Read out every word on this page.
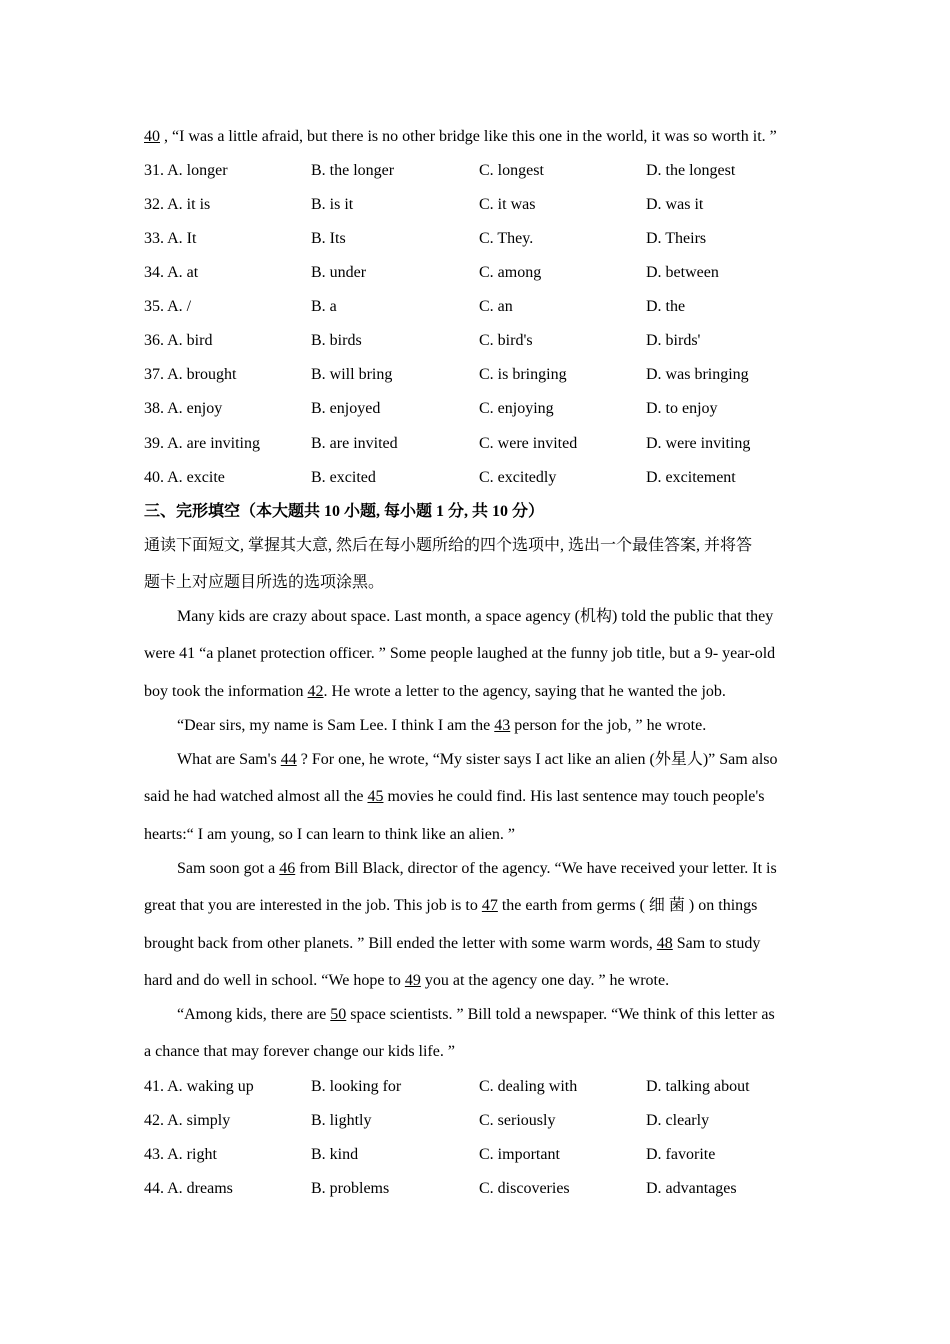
40 , “I was a little afraid, but there is no other bridge like this one in the world, it was so worth it. ”
31. A. longer	B. the longer	C. longest	D. the longest
32. A. it is	B. is it	C. it was	D. was it
33. A. It	B. Its	C. They.	D. Theirs
34. A. at	B. under	C. among	D. between
35. A. /	B. a	C. an	D. the
36. A. bird	B. birds	C. bird's	D. birds'
37. A. brought	B. will bring	C. is bringing	D. was bringing
38. A. enjoy	B. enjoyed	C. enjoying	D. to enjoy
39. A. are inviting	B. are invited	C. were invited	D. were inviting
40. A. excite	B. excited	C. excitedly	D. excitement
三、完形填空（本大题共 10 小题, 每小题 1 分, 共 10 分）
通读下面短文, 掌握其大意, 然后在每小题所给的四个选项中, 选出一个最佳答案, 并将答
题卡上对应题目所选的选项涂黑。
Many kids are crazy about space. Last month, a space agency (机构) told the public that they
were 41 “a planet protection officer. ” Some people laughed at the funny job title, but a 9- year-old
boy took the information 42. He wrote a letter to the agency, saying that he wanted the job.
“Dear sirs, my name is Sam Lee. I think I am the 43 person for the job, ” he wrote.
What are Sam's 44 ? For one, he wrote, “My sister says I act like an alien (外星人)” Sam also
said he had watched almost all the 45 movies he could find. His last sentence may touch people's
hearts:“ I am young, so I can learn to think like an alien. ”
Sam soon got a 46 from Bill Black, director of the agency. “We have received your letter. It is
great that you are interested in the job. This job is to 47 the earth from germs ( 细 菌 ) on things
brought back from other planets. ” Bill ended the letter with some warm words, 48 Sam to study
hard and do well in school. “We hope to 49 you at the agency one day. ” he wrote.
“Among kids, there are 50 space scientists. ” Bill told a newspaper. “We think of this letter as
a chance that may forever change our kids life. ”
41. A. waking up	B. looking for	C. dealing with	D. talking about
42. A. simply	B. lightly	C. seriously	D. clearly
43. A. right	B. kind	C. important	D. favorite
44. A. dreams	B. problems	C. discoveries	D. advantages
